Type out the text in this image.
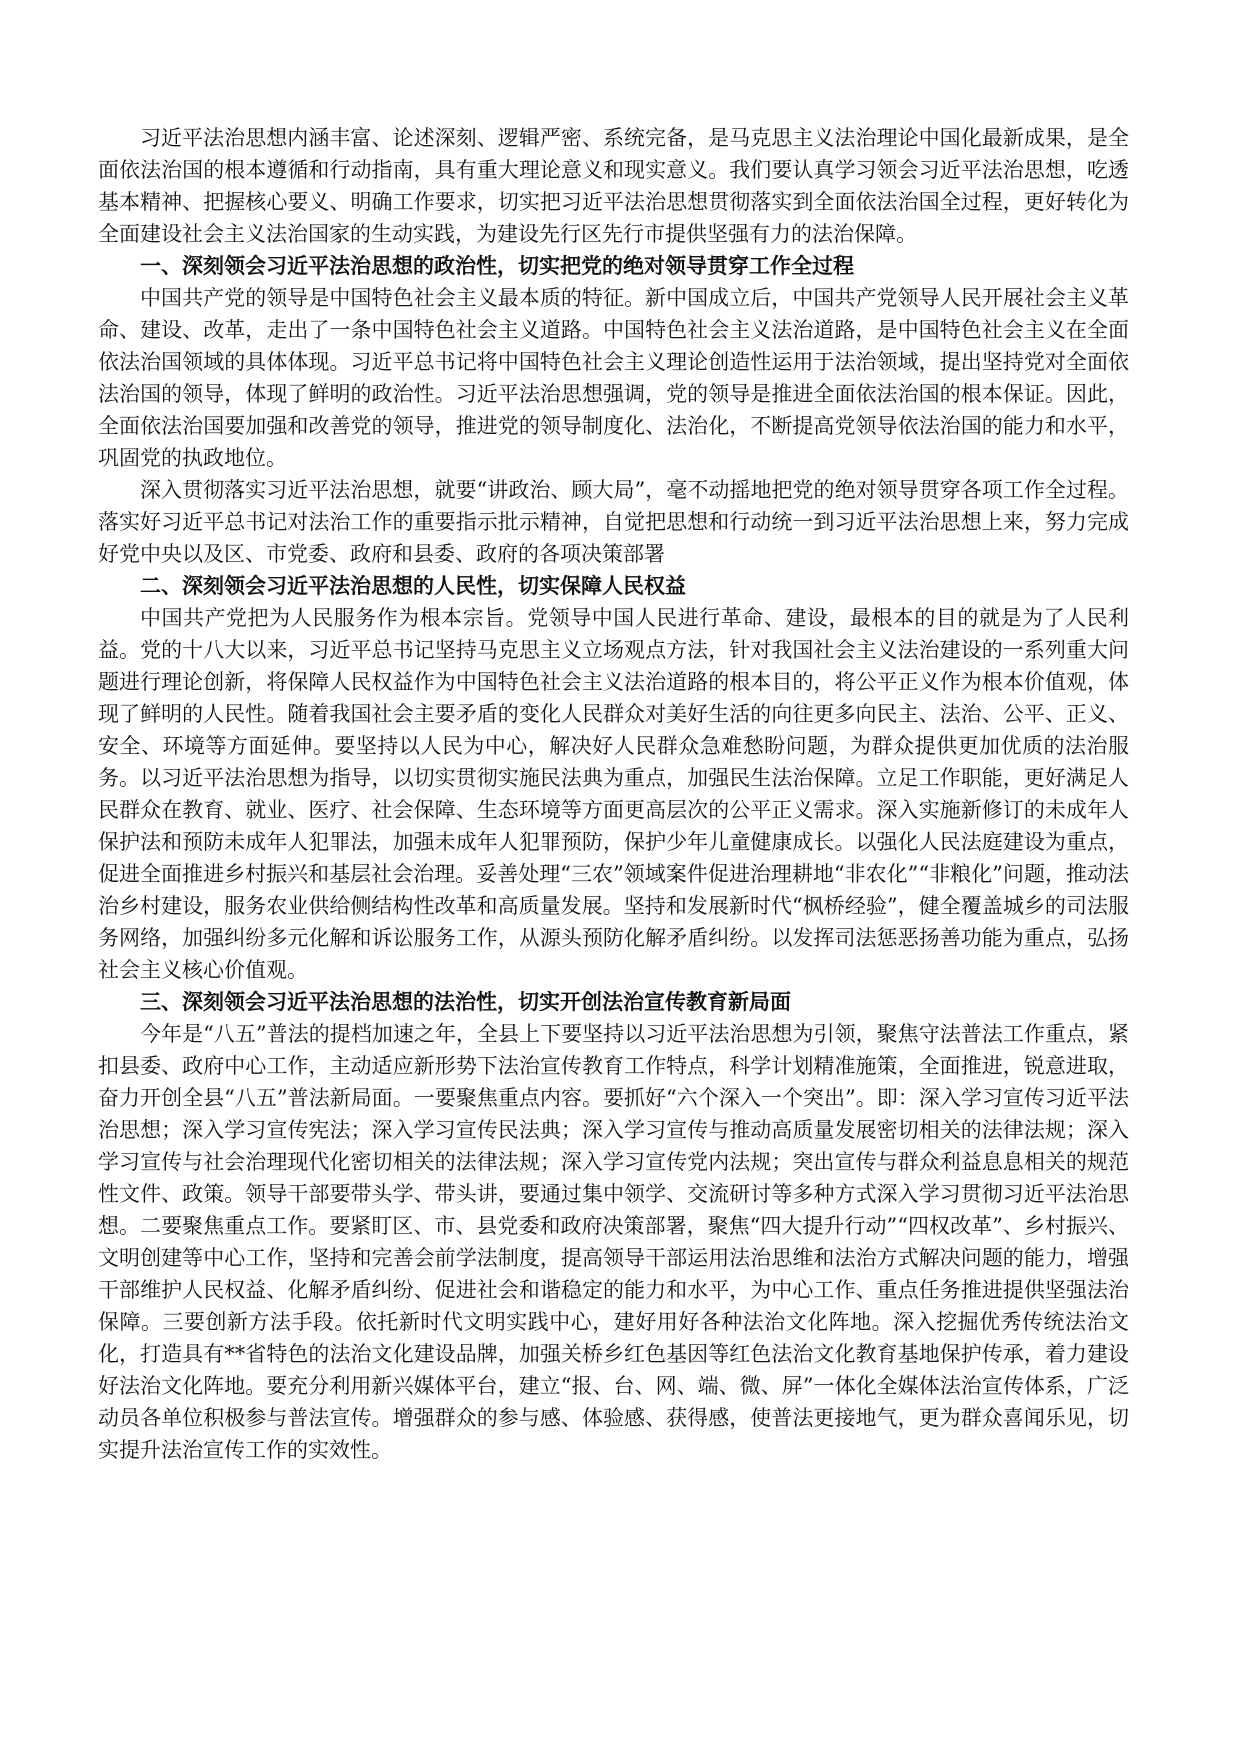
习近平法治思想内涵丰富、论述深刻、逻辑严密、系统完备，是马克思主义法治理论中国化最新成果，是全面依法治国的根本遵循和行动指南，具有重大理论意义和现实意义。我们要认真学习领会习近平法治思想，吃透基本精神、把握核心要义、明确工作要求，切实把习近平法治思想贯彻落实到全面依法治国全过程，更好转化为全面建设社会主义法治国家的生动实践，为建设先行区先行市提供坚强有力的法治保障。

一、深刻领会习近平法治思想的政治性，切实把党的绝对领导贯穿工作全过程

中国共产党的领导是中国特色社会主义最本质的特征。新中国成立后，中国共产党领导人民开展社会主义革命、建设、改革，走出了一条中国特色社会主义道路。中国特色社会主义法治道路，是中国特色社会主义在全面依法治国领域的具体体现。习近平总书记将中国特色社会主义理论创造性运用于法治领域，提出坚持党对全面依法治国的领导，体现了鲜明的政治性。习近平法治思想强调，党的领导是推进全面依法治国的根本保证。因此，全面依法治国要加强和改善党的领导，推进党的领导制度化、法治化，不断提高党领导依法治国的能力和水平，巩固党的执政地位。

深入贯彻落实习近平法治思想，就要“讲政治、顾大局”，毫不动摇地把党的绝对领导贯穿各项工作全过程。落实好习近平总书记对法治工作的重要指示批示精神，自觉把思想和行动统一到习近平法治思想上来，努力完成好党中央以及区、市党委、政府和县委、政府的各项决策部署

二、深刻领会习近平法治思想的人民性，切实保障人民权益

中国共产党把为人民服务作为根本宗旨。党领导中国人民进行革命、建设，最根本的目的就是为了人民利益。党的十八大以来，习近平总书记坚持马克思主义立场观点方法，针对我国社会主义法治建设的一系列重大问题进行理论创新，将保障人民权益作为中国特色社会主义法治道路的根本目的，将公平正义作为根本价值观，体现了鲜明的人民性。随着我国社会主要矛盾的变化人民群众对美好生活的向往更多向民主、法治、公平、正义、安全、环境等方面延伸。要坚持以人民为中心，解决好人民群众急难愁盼问题，为群众提供更加优质的法治服务。以习近平法治思想为指导，以切实贯彻实施民法典为重点，加强民生法治保障。立足工作职能，更好满足人民群众在教育、就业、医疗、社会保障、生态环境等方面更高层次的公平正义需求。深入实施新修订的未成年人保护法和预防未成年人犯罪法，加强未成年人犯罪预防，保护少年儿童健康成长。以强化人民法庭建设为重点，促进全面推进乡村振兴和基层社会治理。妥善处理“三农”领域案件促进治理耕地“非农化”“非粮化”问题，推动法治乡村建设，服务农业供给侧结构性改革和高质量发展。坚持和发展新时代“枫桥经验”，健全覆盖城乡的司法服务网络，加强纠纷多元化解和诉讼服务工作，从源头预防化解矛盾纠纷。以发挥司法惩恶扬善功能为重点，弘扬社会主义核心价值观。

三、深刻领会习近平法治思想的法治性，切实开创法治宣传教育新局面

今年是“八五”普法的提档加速之年，全县上下要坚持以习近平法治思想为引领，聚焦守法普法工作重点，紧扣县委、政府中心工作，主动适应新形势下法治宣传教育工作特点，科学计划精准施策，全面推进，锐意进取，奋力开创全县“八五”普法新局面。一要聚焦重点内容。要抓好“六个深入一个突出”。即：深入学习宣传习近平法治思想；深入学习宣传宪法；深入学习宣传民法典；深入学习宣传与推动高质量发展密切相关的法律法规；深入学习宣传与社会治理现代化密切相关的法律法规；深入学习宣传党内法规；突出宣传与群众利益息息相关的规范性文件、政策。领导干部要带头学、带头讲，要通过集中领学、交流研讨等多种方式深入学习贯彻习近平法治思想。二要聚焦重点工作。要紧盯区、市、县党委和政府决策部署，聚焦“四大提升行动”“四权改革”、乡村振兴、文明创建等中心工作，坚持和完善会前学法制度，提高领导干部运用法治思维和法治方式解决问题的能力，增强干部维护人民权益、化解矛盾纠纷、促进社会和谐稳定的能力和水平，为中心工作、重点任务推进提供坚强法治保障。三要创新方法手段。依托新时代文明实践中心，建好用好各种法治文化阵地。深入挖掘优秀传统法治文化，打造具有**省特色的法治文化建设品牌，加强关桥乡红色基因等红色法治文化教育基地保护传承，着力建设好法治文化阵地。要充分利用新兴媒体平台，建立“报、台、网、端、微、屏”一体化全媒体法治宣传体系，广泛动员各单位积极参与普法宣传。增强群众的参与感、体验感、获得感，使普法更接地气，更为群众喜闻乐见，切实提升法治宣传工作的实效性。
